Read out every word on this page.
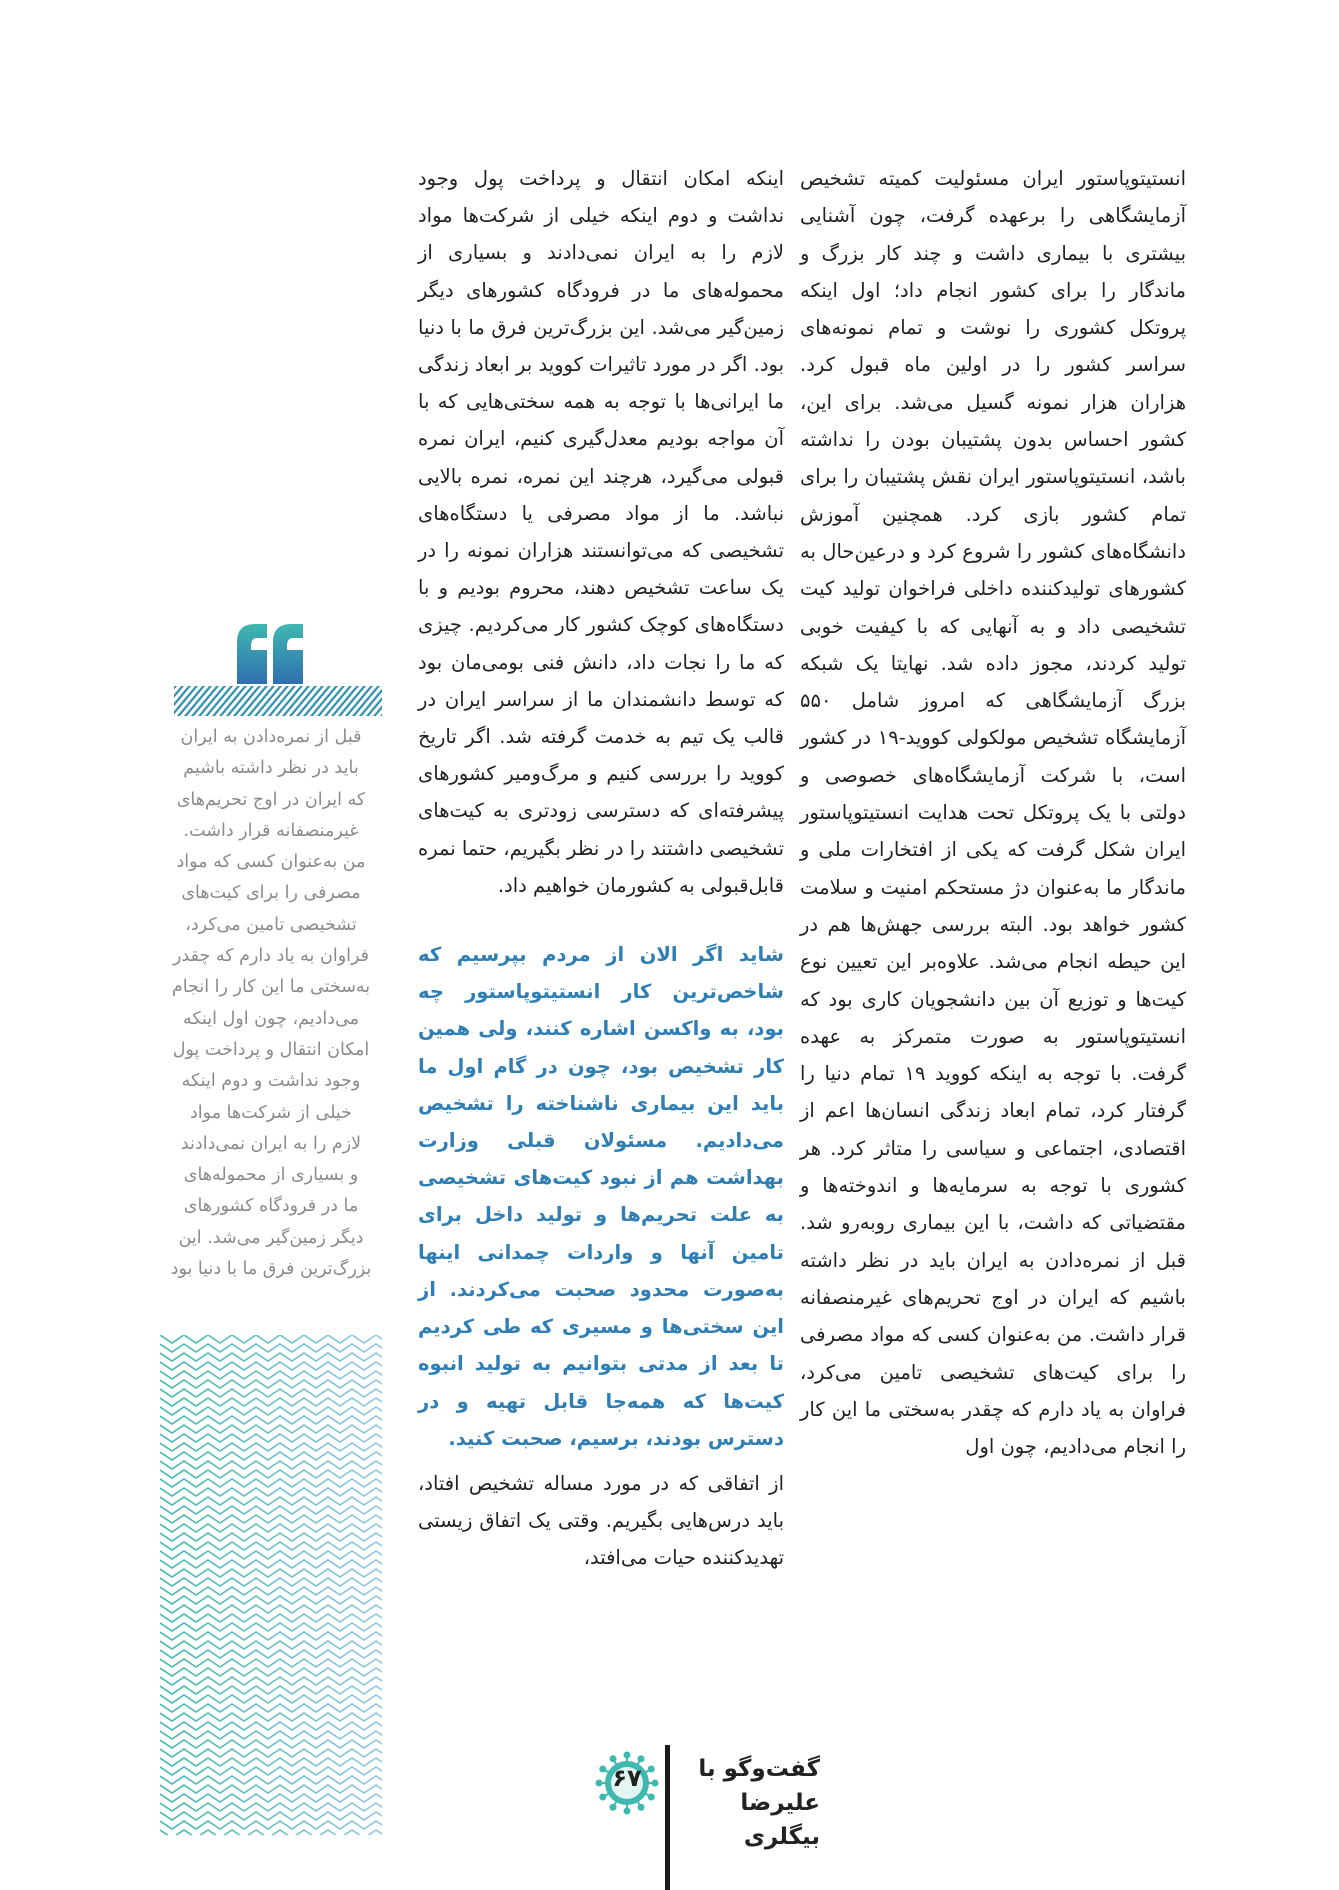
انستیتوپاستور ایران مسئولیت کمیته تشخیص آزمایشگاهی را برعهده گرفت، چون آشنایی بیشتری با بیماری داشت و چند کار بزرگ و ماندگار را برای کشور انجام داد؛ اول اینکه پروتکل کشوری را نوشت و تمام نمونه‌های سراسر کشور را در اولین ماه قبول کرد. هزاران هزار نمونه گسیل می‌شد. برای این، کشور احساس بدون پشتیبان بودن را نداشته باشد، انستیتوپاستور ایران نقش پشتیبان را برای تمام کشور بازی کرد. همچنین آموزش دانشگاه‌های کشور را شروع کرد و درعین‌حال به کشورهای تولیدکننده داخلی فراخوان تولید کیت تشخیصی داد و به آنهایی که با کیفیت خوبی تولید کردند، مجوز داده شد. نهایتا یک شبکه بزرگ آزمایشگاهی که امروز شامل ۵۵۰ آزمایشگاه تشخیص مولکولی کووید-۱۹ در کشور است، با شرکت آزمایشگاه‌های خصوصی و دولتی با یک پروتکل تحت هدایت انستیتوپاستور ایران شکل گرفت که یکی از افتخارات ملی و ماندگار ما به‌عنوان دژ مستحکم امنیت و سلامت کشور خواهد بود. البته بررسی جهش‌ها هم در این حیطه انجام می‌شد. علاوه‌بر این تعیین نوع کیت‌ها و توزیع آن بین دانشجویان کاری بود که انستیتوپاستور به صورت متمرکز به عهده گرفت. با توجه به اینکه کووید ۱۹ تمام دنیا را گرفتار کرد، تمام ابعاد زندگی انسان‌ها اعم از اقتصادی، اجتماعی و سیاسی را متاثر کرد. هر کشوری با توجه به سرمایه‌ها و اندوخته‌ها و مقتضیاتی که داشت، با این بیماری روبه‌رو شد. قبل از نمره‌دادن به ایران باید در نظر داشته باشیم که ایران در اوج تحریم‌های غیرمنصفانه قرار داشت. من به‌عنوان کسی که مواد مصرفی را برای کیت‌های تشخیصی تامین می‌کرد، فراوان به یاد دارم که چقدر به‌سختی ما این کار را انجام می‌دادیم، چون اول

اینکه امکان انتقال و پرداخت پول وجود نداشت و دوم اینکه خیلی از شرکت‌ها مواد لازم را به ایران نمی‌دادند و بسیاری از محموله‌های ما در فرودگاه کشورهای دیگر زمین‌گیر می‌شد. این بزرگ‌ترین فرق ما با دنیا بود. اگر در مورد تاثیرات کووید بر ابعاد زندگی ما ایرانی‌ها با توجه به همه سختی‌هایی که با آن مواجه بودیم معدل‌گیری کنیم، ایران نمره قبولی می‌گیرد، هرچند این نمره، نمره بالایی نباشد. ما از مواد مصرفی یا دستگاه‌های تشخیصی که می‌توانستند هزاران نمونه را در یک ساعت تشخیص دهند، محروم بودیم و با دستگاه‌های کوچک کشور کار می‌کردیم. چیزی که ما را نجات داد، دانش فنی بومی‌مان بود که توسط دانشمندان ما از سراسر ایران در قالب یک تیم به خدمت گرفته شد. اگر تاریخ کووید را بررسی کنیم و مرگ‌ومیر کشورهای پیشرفته‌ای که دسترسی زودتری به کیت‌های تشخیصی داشتند را در نظر بگیریم، حتما نمره قابل‌قبولی به کشورمان خواهیم داد.

شاید اگر الان از مردم بپرسیم که شاخص‌ترین کار انستیتوپاستور چه بود، به واکسن اشاره کنند، ولی همین کار تشخیص بود، چون در گام اول ما باید این بیماری ناشناخته را تشخیص می‌دادیم. مسئولان قبلی وزارت بهداشت هم از نبود کیت‌های تشخیصی به علت تحریم‌ها و تولید داخل برای تامین آنها و واردات چمدانی اینها به‌صورت محدود صحبت می‌کردند. از این سختی‌ها و مسیری که طی کردیم تا بعد از مدتی بتوانیم به تولید انبوه کیت‌ها که همه‌جا قابل تهیه و در دسترس بودند، برسیم، صحبت کنید.

از اتفاقی که در مورد مساله تشخیص افتاد، باید درس‌هایی بگیریم. وقتی یک اتفاق زیستی تهدیدکننده حیات می‌افتد،

قبل از نمره‌دادن به ایران
باید در نظر داشته باشیم
که ایران در اوج تحریم‌های
غیرمنصفانه قرار داشت.
من به‌عنوان کسی که مواد
مصرفی را برای کیت‌های
تشخیصی تامین می‌کرد،
فراوان به یاد دارم که چقدر
به‌سختی ما این کار را انجام
می‌دادیم، چون اول اینکه
امکان انتقال و پرداخت پول
وجود نداشت و دوم اینکه
خیلی از شرکت‌ها مواد
لازم را به ایران نمی‌دادند
و بسیاری از محموله‌های
ما در فرودگاه کشورهای
دیگر زمین‌گیر می‌شد. این
بزرگ‌ترین فرق ما با دنیا بود
۶۷	گفت‌وگو با
علیرضا بیگلری
